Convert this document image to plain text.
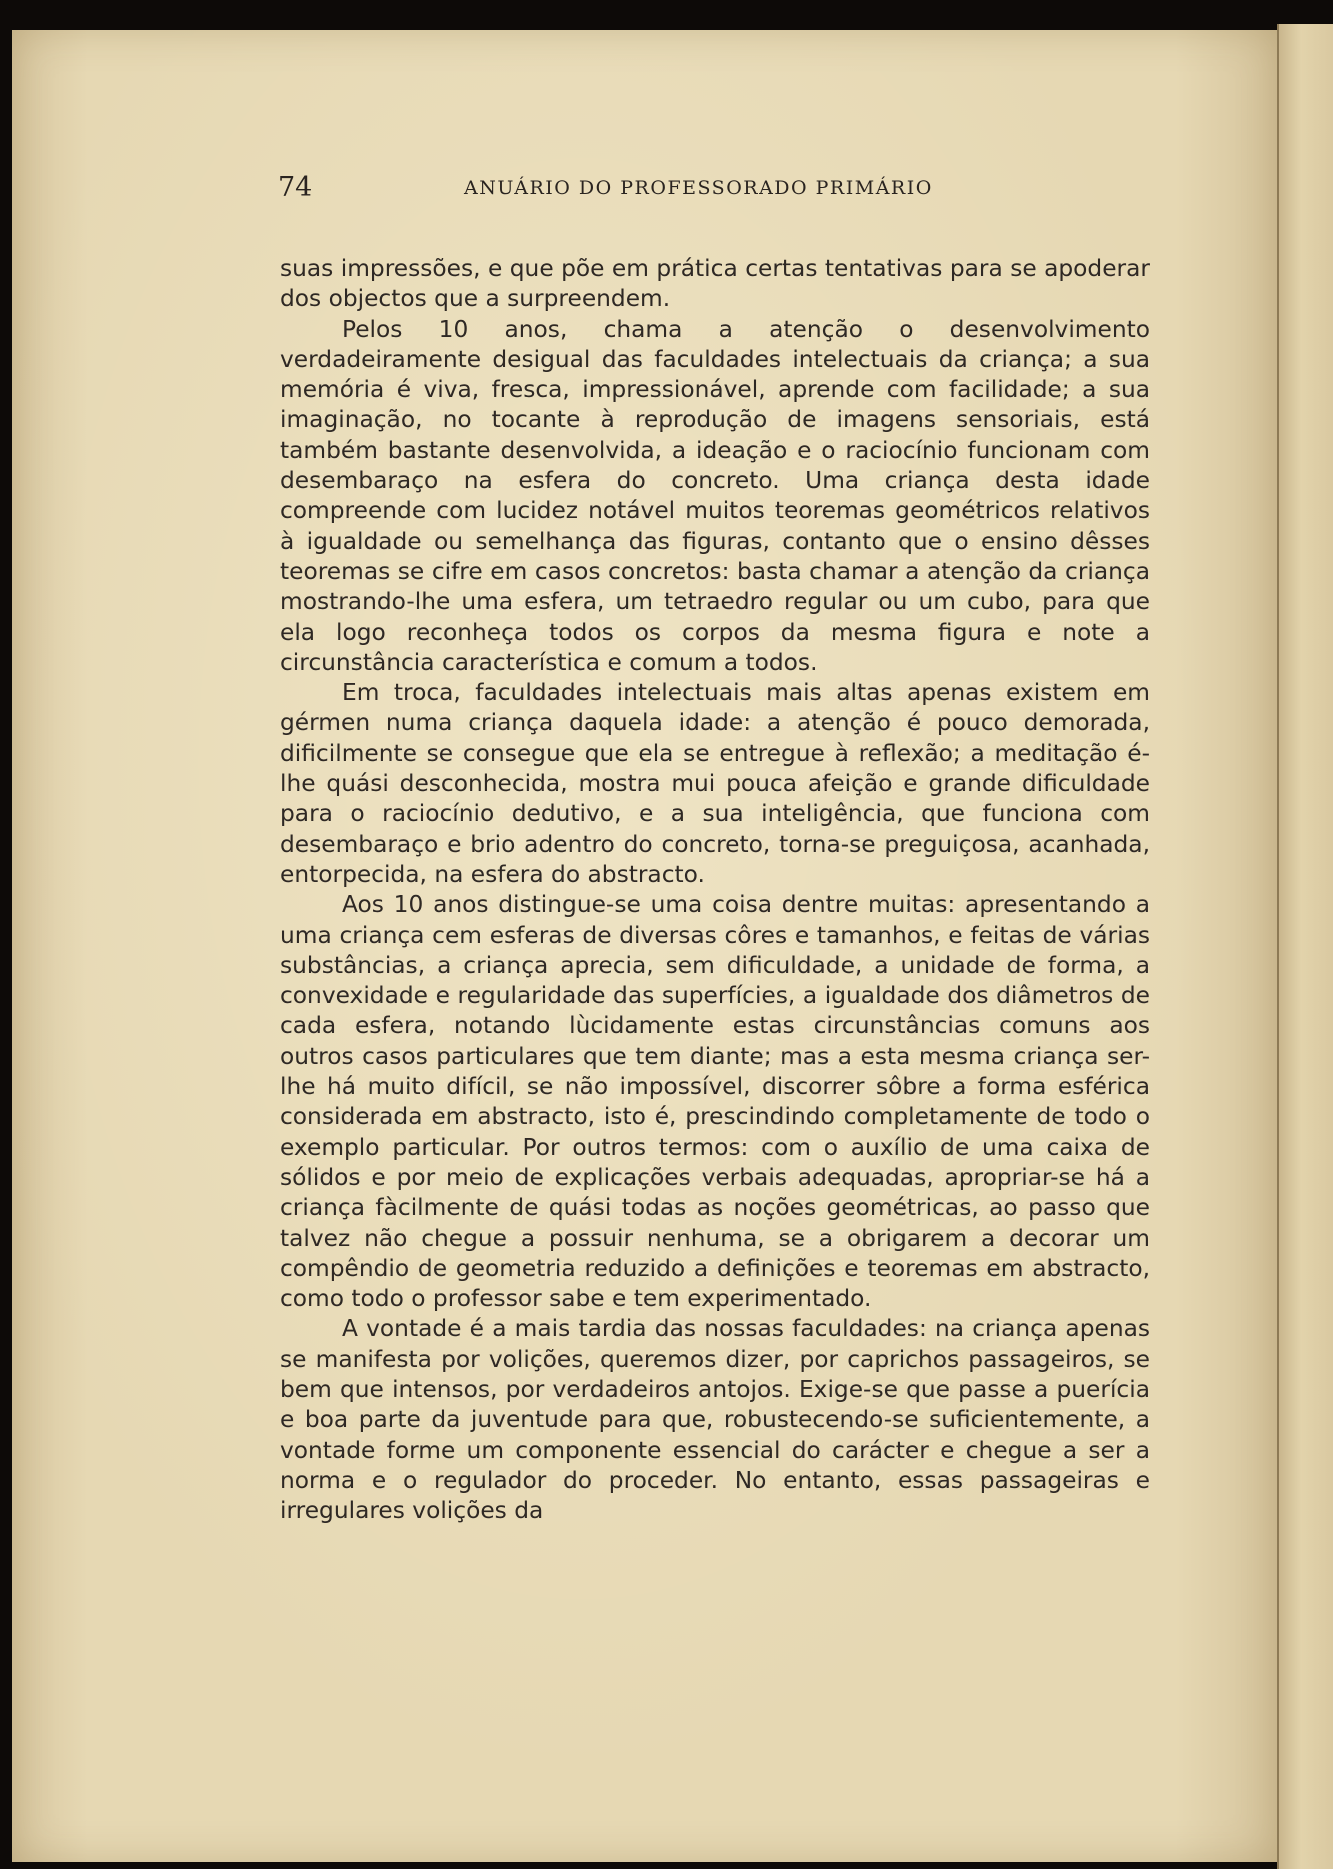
74	ANUÁRIO DO PROFESSORADO PRIMÁRIO

suas impressões, e que põe em prática certas tentativas para se apoderar dos objectos que a surpreendem.

Pelos 10 anos, chama a atenção o desenvolvimento verdadeiramente desigual das faculdades intelectuais da criança; a sua memória é viva, fresca, impressionável, aprende com facilidade; a sua imaginação, no tocante à reprodução de imagens sensoriais, está também bastante desenvolvida, a ideação e o raciocínio funcionam com desembaraço na esfera do concreto. Uma criança desta idade compreende com lucidez notável muitos teoremas geométricos relativos à igualdade ou semelhança das figuras, contanto que o ensino dêsses teoremas se cifre em casos concretos: basta chamar a atenção da criança mostrando-lhe uma esfera, um tetraedro regular ou um cubo, para que ela logo reconheça todos os corpos da mesma figura e note a circunstância característica e comum a todos.

Em troca, faculdades intelectuais mais altas apenas existem em gérmen numa criança daquela idade: a atenção é pouco demorada, dificilmente se consegue que ela se entregue à reflexão; a meditação é-lhe quási desconhecida, mostra mui pouca afeição e grande dificuldade para o raciocínio dedutivo, e a sua inteligência, que funciona com desembaraço e brio adentro do concreto, torna-se preguiçosa, acanhada, entorpecida, na esfera do abstracto.

Aos 10 anos distingue-se uma coisa dentre muitas: apresentando a uma criança cem esferas de diversas côres e tamanhos, e feitas de várias substâncias, a criança aprecia, sem dificuldade, a unidade de forma, a convexidade e regularidade das superfícies, a igualdade dos diâmetros de cada esfera, notando lùcidamente estas circunstâncias comuns aos outros casos particulares que tem diante; mas a esta mesma criança ser-lhe há muito difícil, se não impossível, discorrer sôbre a forma esférica considerada em abstracto, isto é, prescindindo completamente de todo o exemplo particular. Por outros termos: com o auxílio de uma caixa de sólidos e por meio de explicações verbais adequadas, apropriar-se há a criança fàcilmente de quási todas as noções geométricas, ao passo que talvez não chegue a possuir nenhuma, se a obrigarem a decorar um compêndio de geometria reduzido a definições e teoremas em abstracto, como todo o professor sabe e tem experimentado.

A vontade é a mais tardia das nossas faculdades: na criança apenas se manifesta por volições, queremos dizer, por caprichos passageiros, se bem que intensos, por verdadeiros antojos. Exige-se que passe a puerícia e boa parte da juventude para que, robustecendo-se suficientemente, a vontade forme um componente essencial do carácter e chegue a ser a norma e o regulador do proceder. No entanto, essas passageiras e irregulares volições da
